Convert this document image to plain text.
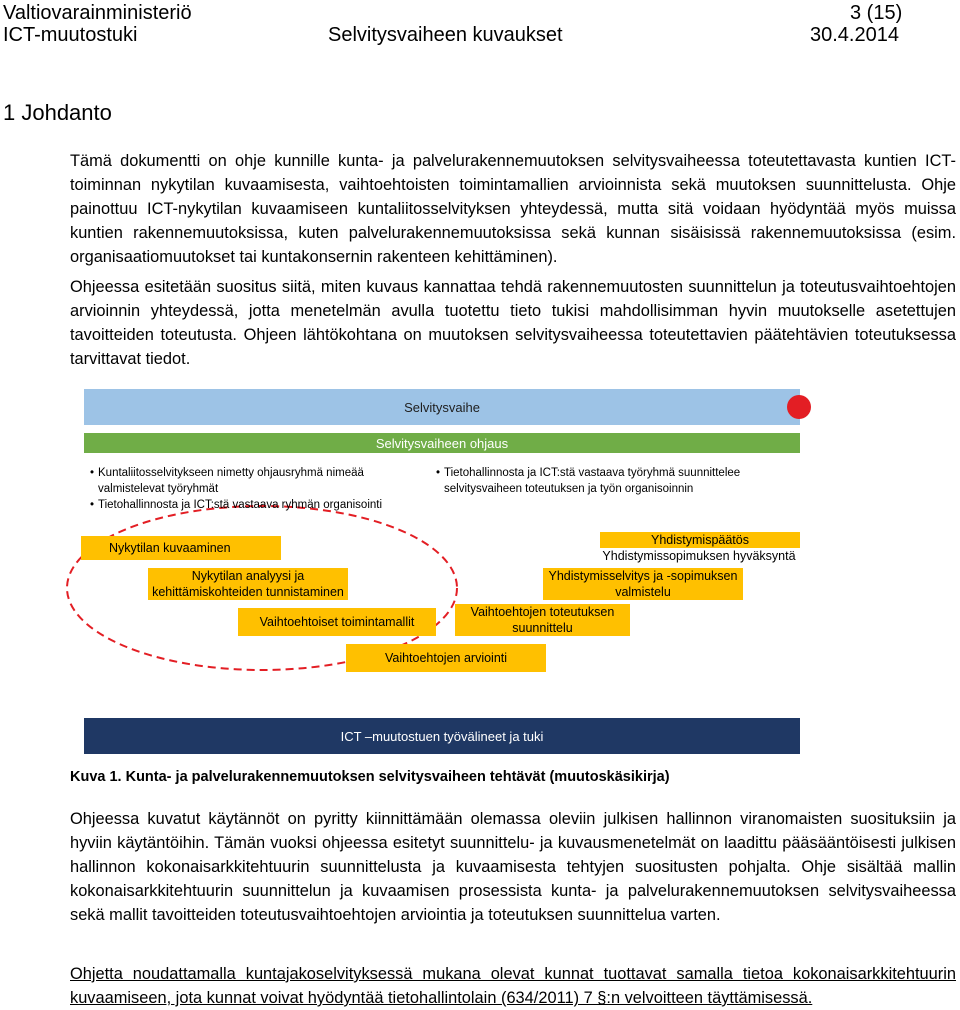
Valtiovarainministeriö	3 (15)
ICT-muutostuki	Selvitysvaiheen kuvaukset	30.4.2014
1 Johdanto

Tämä dokumentti on ohje kunnille kunta- ja palvelurakennemuutoksen selvitysvaiheessa toteutettavasta kuntien ICT-toiminnan nykytilan kuvaamisesta, vaihtoehtoisten toimintamallien arvioinnista sekä muutoksen suunnittelusta. Ohje painottuu ICT-nykytilan kuvaamiseen kuntaliitosselvityksen yhteydessä, mutta sitä voidaan hyödyntää myös muissa kuntien rakennemuutoksissa, kuten palvelurakennemuutoksissa sekä kunnan sisäisissä rakennemuutoksissa (esim. organisaatiomuutokset tai kuntakonsernin rakenteen kehittäminen).

Ohjeessa esitetään suositus siitä, miten kuvaus kannattaa tehdä rakennemuutosten suunnittelun ja toteutusvaihtoehtojen arvioinnin yhteydessä, jotta menetelmän avulla tuotettu tieto tukisi mahdollisimman hyvin muutokselle asetettujen tavoitteiden toteutusta. Ohjeen lähtökohtana on muutoksen selvitysvaiheessa toteutettavien päätehtävien toteutuksessa tarvittavat tiedot.

Selvitysvaihe
Selvitysvaiheen ohjaus
• Kuntaliitosselvitykseen nimetty ohjausryhmä nimeää valmistelevat työryhmät
• Tietohallinnosta ja ICT:stä vastaava ryhmän organisointi
• Tietohallinnosta ja ICT:stä vastaava työryhmä suunnittelee selvitysvaiheen toteutuksen ja työn organisoinnin
Nykytilan kuvaaminen
Nykytilan analyysi ja kehittämiskohteiden tunnistaminen
Vaihtoehtoiset toimintamallit
Vaihtoehtojen arviointi
Vaihtoehtojen toteutuksen suunnittelu
Yhdistymisselvitys ja -sopimuksen valmistelu
Yhdistymispäätös
Yhdistymissopimuksen hyväksyntä
ICT –muutostuen työvälineet ja tuki
Kuva 1. Kunta- ja palvelurakennemuutoksen selvitysvaiheen tehtävät (muutoskäsikirja)

Ohjeessa kuvatut käytännöt on pyritty kiinnittämään olemassa oleviin julkisen hallinnon viranomaisten suosituksiin ja hyviin käytäntöihin. Tämän vuoksi ohjeessa esitetyt suunnittelu- ja kuvausmenetelmät on laadittu pääsääntöisesti julkisen hallinnon kokonaisarkkitehtuurin suunnittelusta ja kuvaamisesta tehtyjen suositusten pohjalta. Ohje sisältää mallin kokonaisarkkitehtuurin suunnittelun ja kuvaamisen prosessista kunta- ja palvelurakennemuutoksen selvitysvaiheessa sekä mallit tavoitteiden toteutusvaihtoehtojen arviointia ja toteutuksen suunnittelua varten.

Ohjetta noudattamalla kuntajakoselvityksessä mukana olevat kunnat tuottavat samalla tietoa kokonaisarkkitehtuurin kuvaamiseen, jota kunnat voivat hyödyntää tietohallintolain (634/2011) 7 §:n velvoitteen täyttämisessä.
